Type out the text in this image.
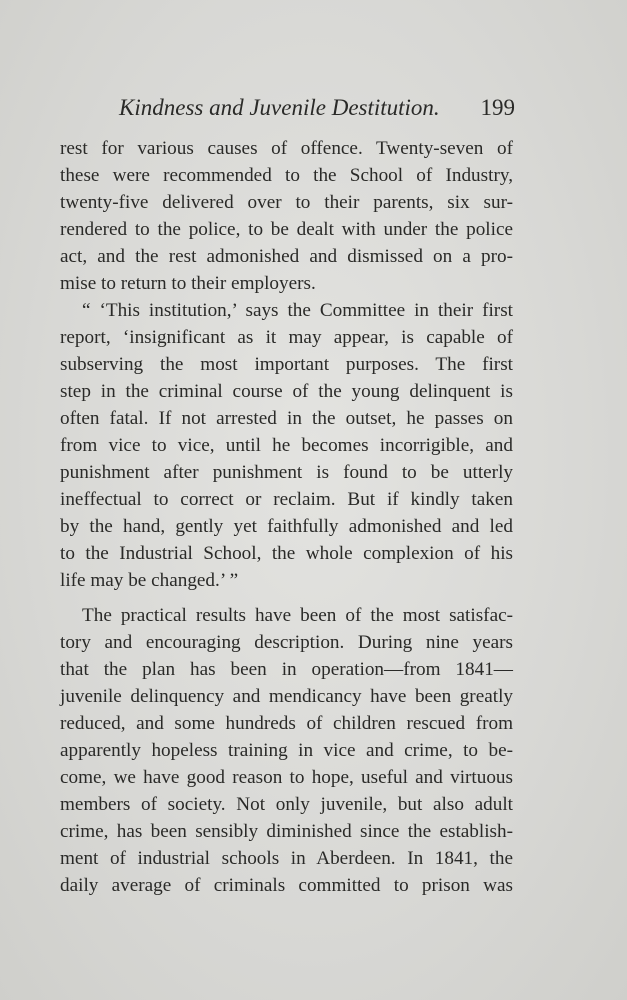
Kindness and Juvenile Destitution. 199
rest for various causes of offence. Twenty-seven of
these were recommended to the School of Industry,
twenty-five delivered over to their parents, six sur-
rendered to the police, to be dealt with under the police
act, and the rest admonished and dismissed on a pro-
mise to return to their employers.
“ ‘This institution,’ says the Committee in their first
report, ‘insignificant as it may appear, is capable of
subserving the most important purposes. The first
step in the criminal course of the young delinquent is
often fatal. If not arrested in the outset, he passes on
from vice to vice, until he becomes incorrigible, and
punishment after punishment is found to be utterly
ineffectual to correct or reclaim. But if kindly taken
by the hand, gently yet faithfully admonished and led
to the Industrial School, the whole complexion of his
life may be changed.’ ”
The practical results have been of the most satisfac-
tory and encouraging description. During nine years
that the plan has been in operation—from 1841—
juvenile delinquency and mendicancy have been greatly
reduced, and some hundreds of children rescued from
apparently hopeless training in vice and crime, to be-
come, we have good reason to hope, useful and virtuous
members of society. Not only juvenile, but also adult
crime, has been sensibly diminished since the establish-
ment of industrial schools in Aberdeen. In 1841, the
daily average of criminals committed to prison was
